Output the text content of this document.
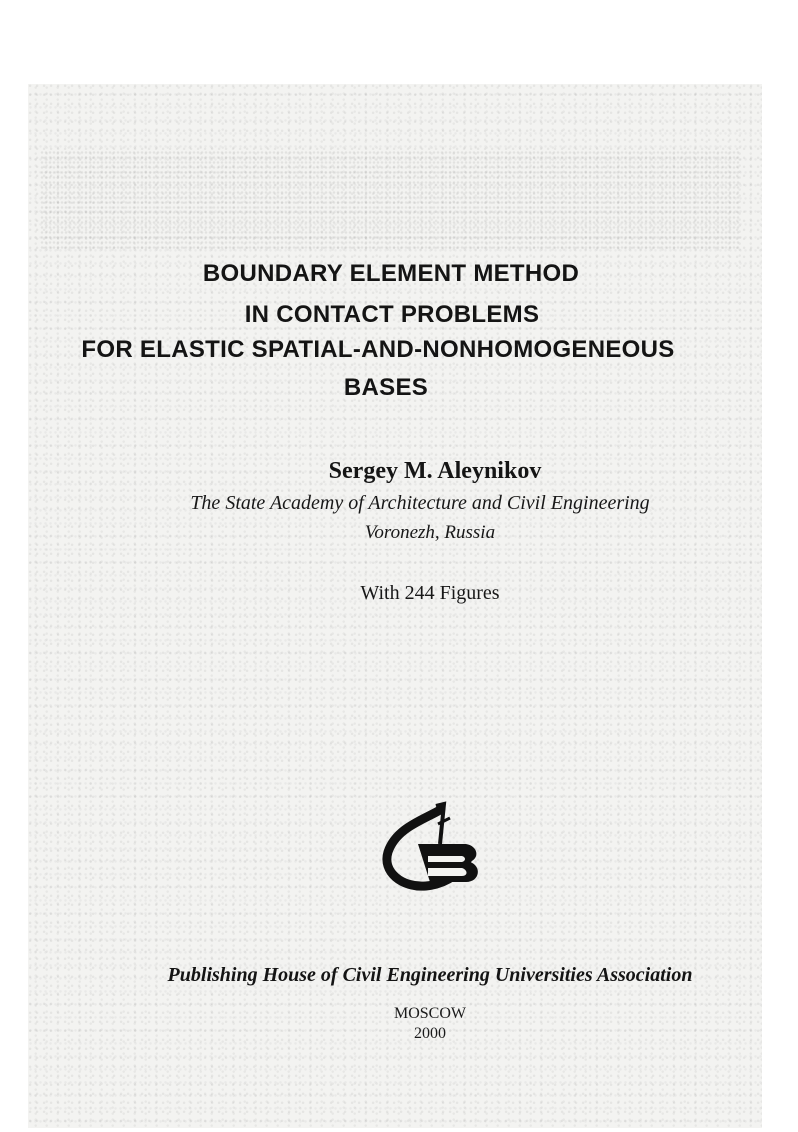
BOUNDARY ELEMENT METHOD
IN CONTACT PROBLEMS
FOR ELASTIC SPATIAL-AND-NONHOMOGENEOUS
BASES
Sergey M. Aleynikov
The State Academy of Architecture and Civil Engineering
Voronezh, Russia
With 244 Figures
Publishing House of Civil Engineering Universities Association
MOSCOW
2000
